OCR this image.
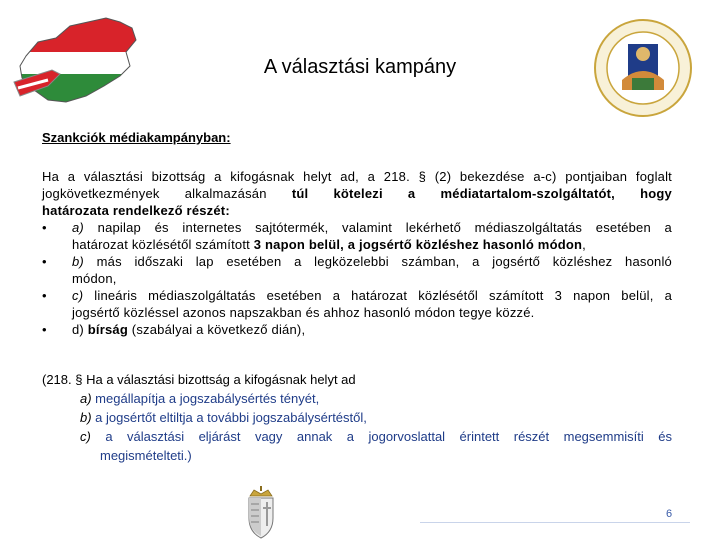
A választási kampány
Szankciók médiakampányban:
Ha a választási bizottság a kifogásnak helyt ad, a 218. § (2) bekezdése a-c) pontjaiban foglalt
jogkövetkezmények alkalmazásán túl kötelezi a médiatartalom-szolgáltatót, hogy
határozata rendelkező részét:
•	a) napilap és internetes sajtótermék, valamint lekérhető médiaszolgáltatás esetében a
határozat közlésétől számított 3 napon belül, a jogsértő közléshez hasonló módon,
•	b) más időszaki lap esetében a legközelebbi számban, a jogsértő közléshez hasonló
módon,
•	c) lineáris médiaszolgáltatás esetében a határozat közlésétől számított 3 napon belül, a
jogsértő közléssel azonos napszakban és ahhoz hasonló módon tegye közzé.
•	d) bírság (szabályai a következő dián),
(218. § Ha a választási bizottság a kifogásnak helyt ad
a) megállapítja a jogszabálysértés tényét,
b) a jogsértőt eltiltja a további jogszabálysértéstől,
c) a választási eljárást vagy annak a jogorvoslattal érintett részét megsemmisíti és
megismételteti.)
6
